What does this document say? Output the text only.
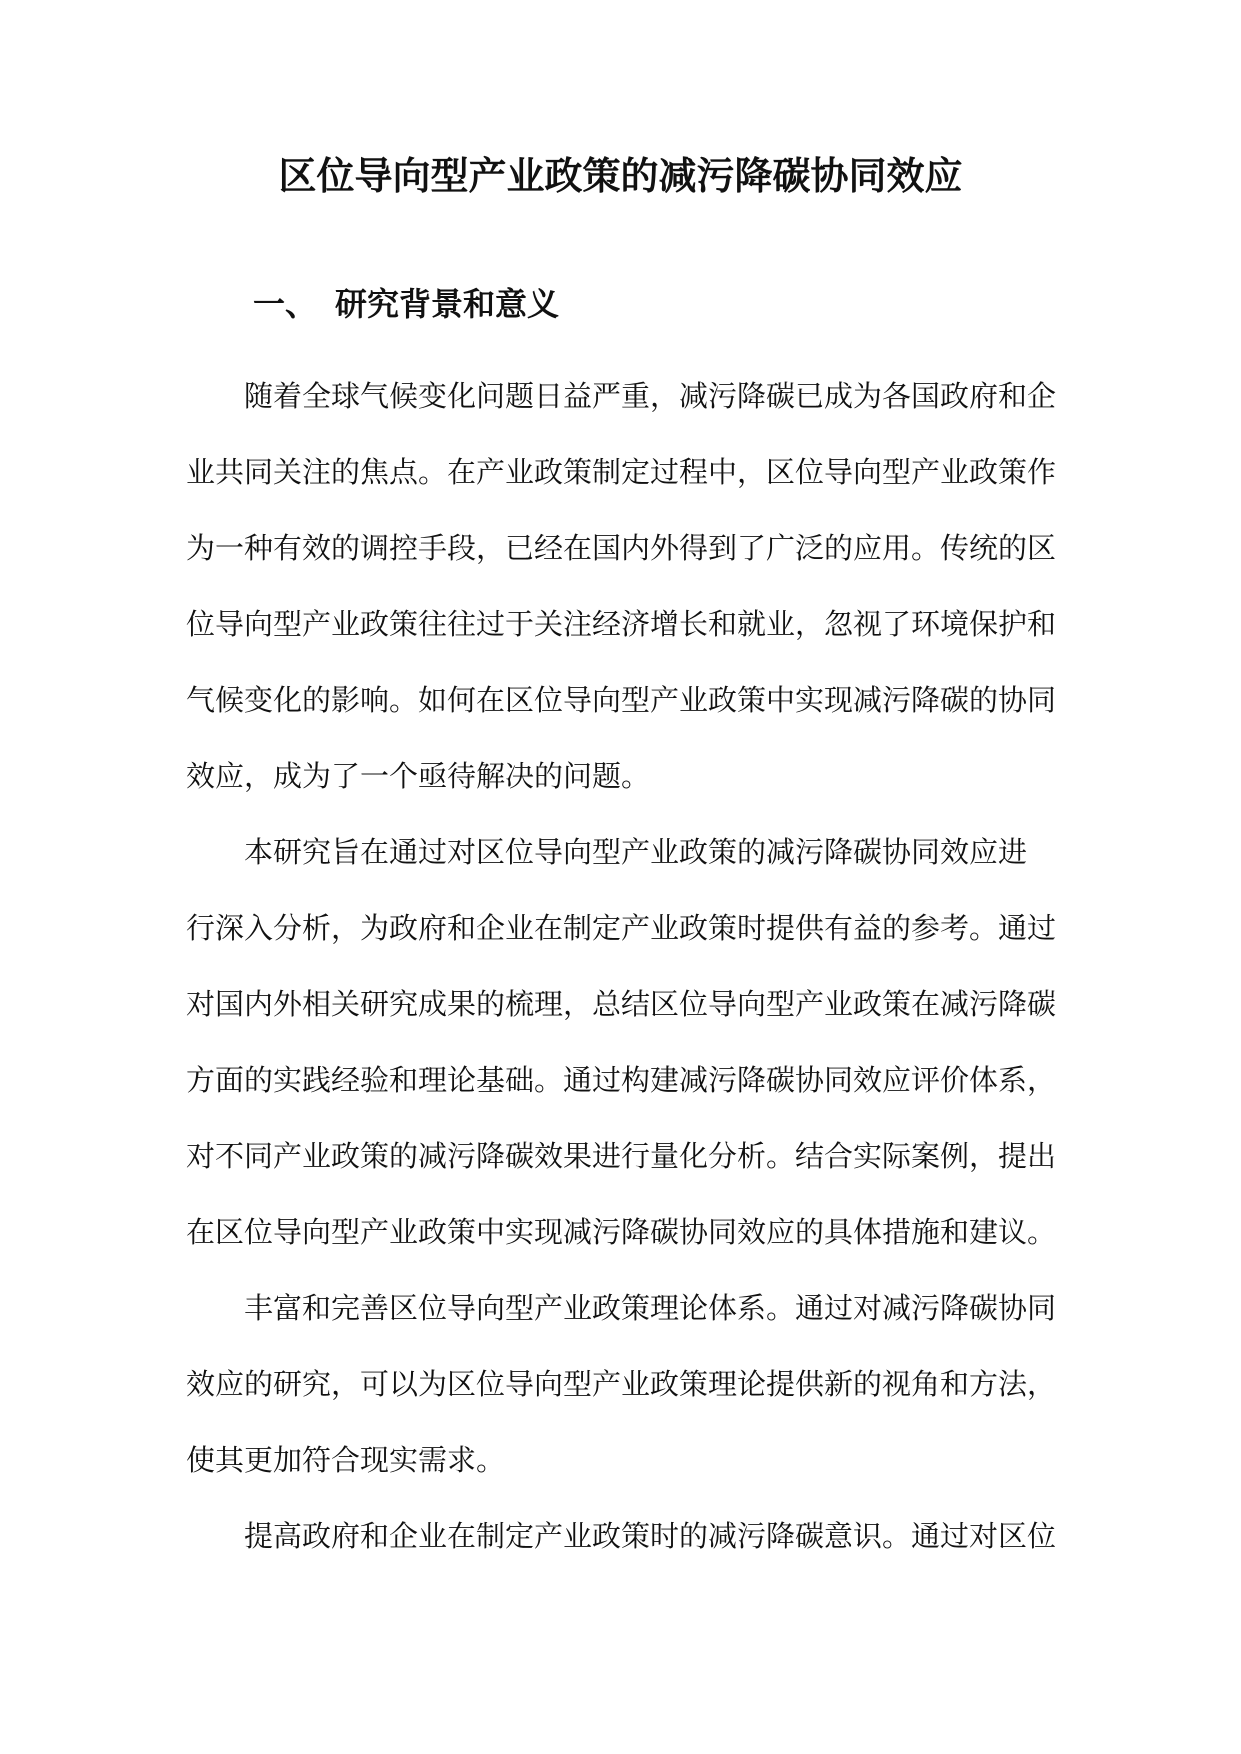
区位导向型产业政策的减污降碳协同效应
一、 研究背景和意义

随着全球气候变化问题日益严重，减污降碳已成为各国政府和企
业共同关注的焦点。在产业政策制定过程中，区位导向型产业政策作
为一种有效的调控手段，已经在国内外得到了广泛的应用。传统的区
位导向型产业政策往往过于关注经济增长和就业，忽视了环境保护和
气候变化的影响。如何在区位导向型产业政策中实现减污降碳的协同
效应，成为了一个亟待解决的问题。

本研究旨在通过对区位导向型产业政策的减污降碳协同效应进
行深入分析，为政府和企业在制定产业政策时提供有益的参考。通过
对国内外相关研究成果的梳理，总结区位导向型产业政策在减污降碳
方面的实践经验和理论基础。通过构建减污降碳协同效应评价体系，
对不同产业政策的减污降碳效果进行量化分析。结合实际案例，提出
在区位导向型产业政策中实现减污降碳协同效应的具体措施和建议。

丰富和完善区位导向型产业政策理论体系。通过对减污降碳协同
效应的研究，可以为区位导向型产业政策理论提供新的视角和方法，
使其更加符合现实需求。

提高政府和企业在制定产业政策时的减污降碳意识。通过对区位
